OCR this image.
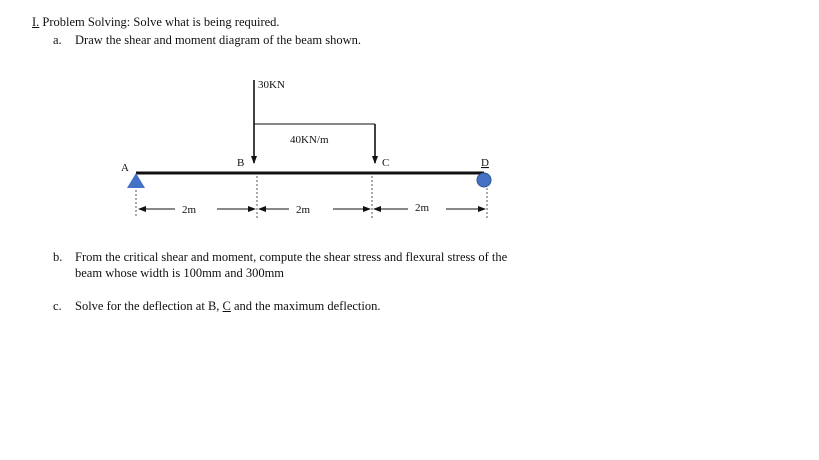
I. Problem Solving: Solve what is being required.
a. Draw the shear and moment diagram of the beam shown.
A	B	C	D
30KN
40KN/m
2m	2m	2m
b. From the critical shear and moment, compute the shear stress and flexural stress of the
beam whose width is 100mm and 300mm
c. Solve for the deflection at B, C and the maximum deflection.
